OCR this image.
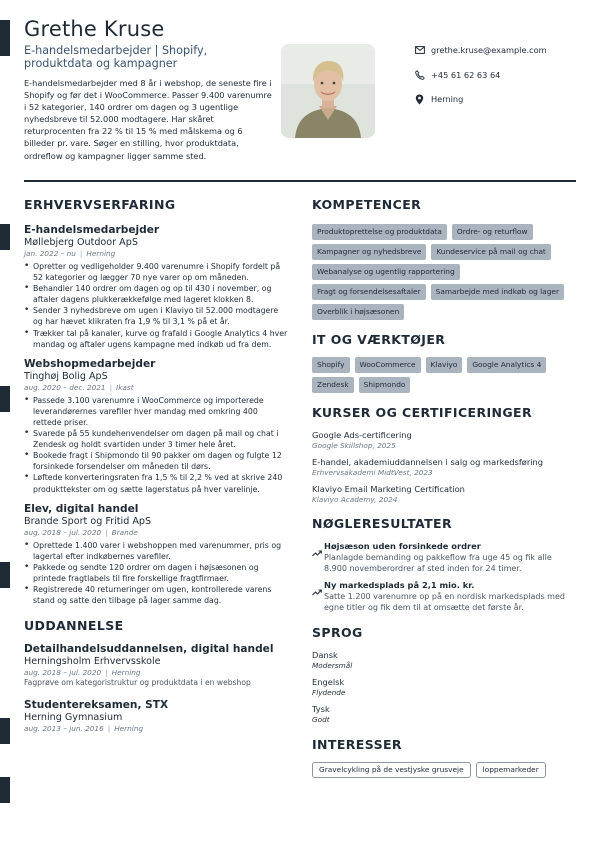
Grethe Kruse
E-handelsmedarbejder | Shopify, produktdata og kampagner
E-handelsmedarbejder med 8 år i webshop, de seneste fire i Shopify og før det i WooCommerce. Passer 9.400 varenumre i 52 kategorier, 140 ordrer om dagen og 3 ugentlige nyhedsbreve til 52.000 modtagere. Har skåret returprocenten fra 22 % til 15 % med målskema og 6 billeder pr. vare. Søger en stilling, hvor produktdata, ordreflow og kampagner ligger samme sted.
grethe.kruse@example.com
+45 61 62 63 64
Herning
ERHVERVSERFARING
E-handelsmedarbejder
Møllebjerg Outdoor ApS
jan. 2022 – nu | Herning
• Opretter og vedligeholder 9.400 varenumre i Shopify fordelt på 52 kategorier og lægger 70 nye varer op om måneden.
• Behandler 140 ordrer om dagen og op til 430 i november, og aftaler dagens plukkerækkefølge med lageret klokken 8.
• Sender 3 nyhedsbreve om ugen i Klaviyo til 52.000 modtagere og har hævet klikraten fra 1,9 % til 3,1 % på et år.
• Trækker tal på kanaler, kurve og frafald i Google Analytics 4 hver mandag og aftaler ugens kampagne med indkøb ud fra dem.
Webshopmedarbejder
Tinghøj Bolig ApS
aug. 2020 – dec. 2021 | Ikast
• Passede 3.100 varenumre i WooCommerce og importerede leverandørernes varefiler hver mandag med omkring 400 rettede priser.
• Svarede på 55 kundehenvendelser om dagen på mail og chat i Zendesk og holdt svartiden under 3 timer hele året.
• Bookede fragt i Shipmondo til 90 pakker om dagen og fulgte 12 forsinkede forsendelser om måneden til dørs.
• Løftede konverteringsraten fra 1,5 % til 2,2 % ved at skrive 240 produkttekster om og sætte lagerstatus på hver varelinje.
Elev, digital handel
Brande Sport og Fritid ApS
aug. 2018 – jul. 2020 | Brande
• Oprettede 1.400 varer i webshoppen med varenummer, pris og lagertal efter indkøbernes varefiler.
• Pakkede og sendte 120 ordrer om dagen i højsæsonen og printede fragtlabels til fire forskellige fragtfirmaer.
• Registrerede 40 returneringer om ugen, kontrollerede varens stand og satte den tilbage på lager samme dag.
UDDANNELSE
Detailhandelsuddannelsen, digital handel
Herningsholm Erhvervsskole
aug. 2018 – jul. 2020 | Herning
Fagprøve om kategoristruktur og produktdata i en webshop
Studentereksamen, STX
Herning Gymnasium
aug. 2013 – jun. 2016 | Herning
KOMPETENCER
Produktoprettelse og produktdata	Ordre- og returflow
Kampagner og nyhedsbreve	Kundeservice på mail og chat
Webanalyse og ugentlig rapportering
Fragt og forsendelsesaftaler	Samarbejde med indkøb og lager
Overblik i højsæsonen
IT OG VÆRKTØJER
Shopify	WooCommerce	Klaviyo	Google Analytics 4
Zendesk	Shipmondo
KURSER OG CERTIFICERINGER
Google Ads-certificering
Google Skillshop, 2025
E-handel, akademiuddannelsen i salg og markedsføring
Erhvervsakademi MidtVest, 2023
Klaviyo Email Marketing Certification
Klaviyo Academy, 2024
NØGLERESULTATER
Højsæson uden forsinkede ordrer
Planlagde bemanding og pakkeflow fra uge 45 og fik alle 8.900 novemberordrer af sted inden for 24 timer.
Ny markedsplads på 2,1 mio. kr.
Satte 1.200 varenumre op på en nordisk markedsplads med egne titler og fik dem til at omsætte det første år.
SPROG
Dansk
Modersmål
Engelsk
Flydende
Tysk
Godt
INTERESSER
Gravelcykling på de vestjyske grusveje	loppemarkeder
